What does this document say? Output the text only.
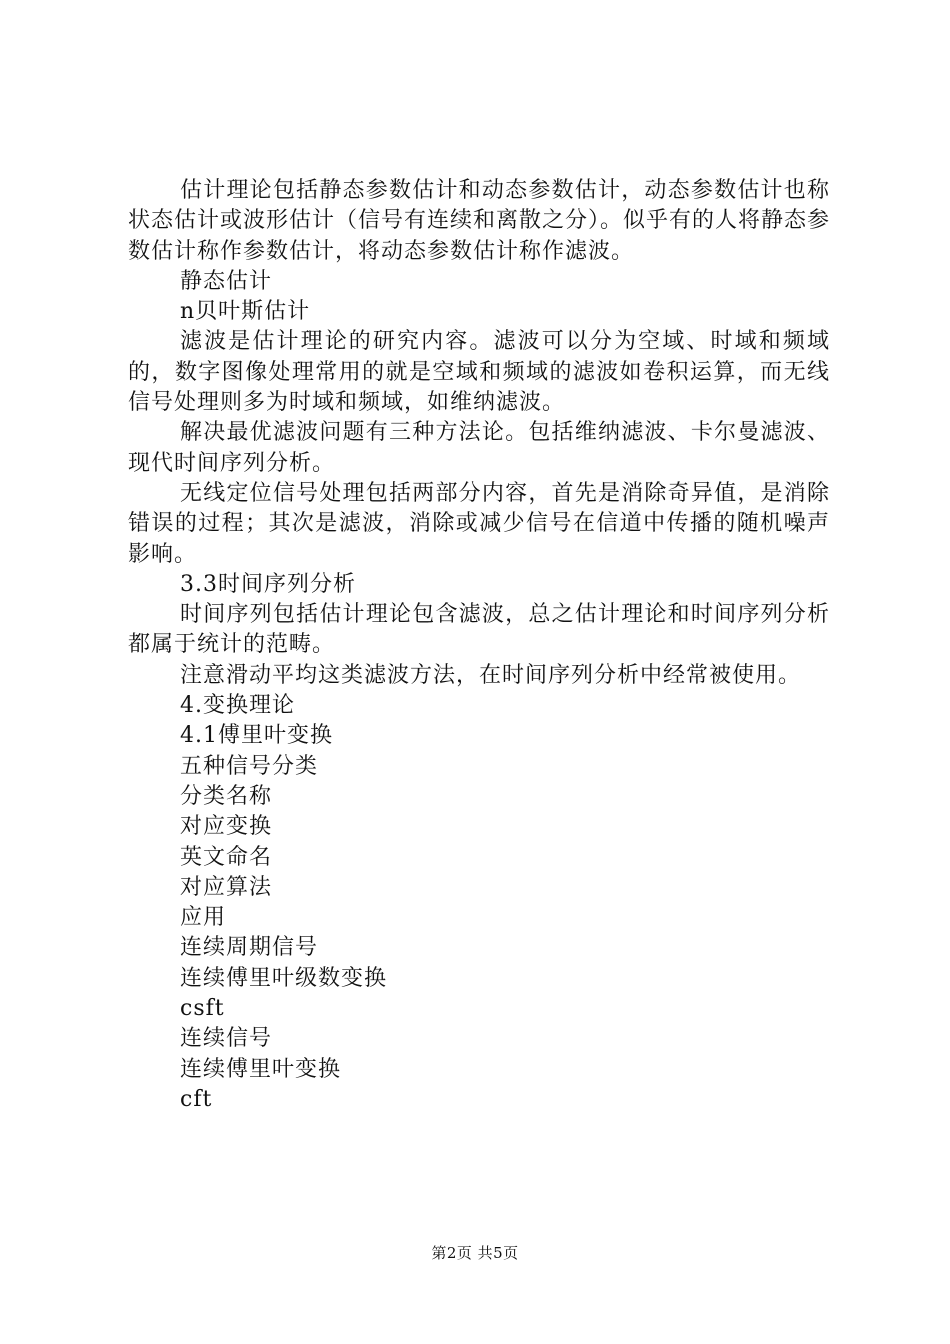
估计理论包括静态参数估计和动态参数估计，动态参数估计也称状态估计或波形估计（信号有连续和离散之分）。似乎有的人将静态参数估计称作参数估计，将动态参数估计称作滤波。

静态估计

n贝叶斯估计

滤波是估计理论的研究内容。滤波可以分为空域、时域和频域的，数字图像处理常用的就是空域和频域的滤波如卷积运算，而无线信号处理则多为时域和频域，如维纳滤波。

解决最优滤波问题有三种方法论。包括维纳滤波、卡尔曼滤波、现代时间序列分析。

无线定位信号处理包括两部分内容，首先是消除奇异值，是消除错误的过程；其次是滤波，消除或减少信号在信道中传播的随机噪声影响。

3.3时间序列分析

时间序列包括估计理论包含滤波，总之估计理论和时间序列分析都属于统计的范畴。

注意滑动平均这类滤波方法，在时间序列分析中经常被使用。

4.变换理论

4.1傅里叶变换

五种信号分类

分类名称

对应变换

英文命名

对应算法

应用

连续周期信号

连续傅里叶级数变换

csft

连续信号

连续傅里叶变换

cft

第2页 共5页
